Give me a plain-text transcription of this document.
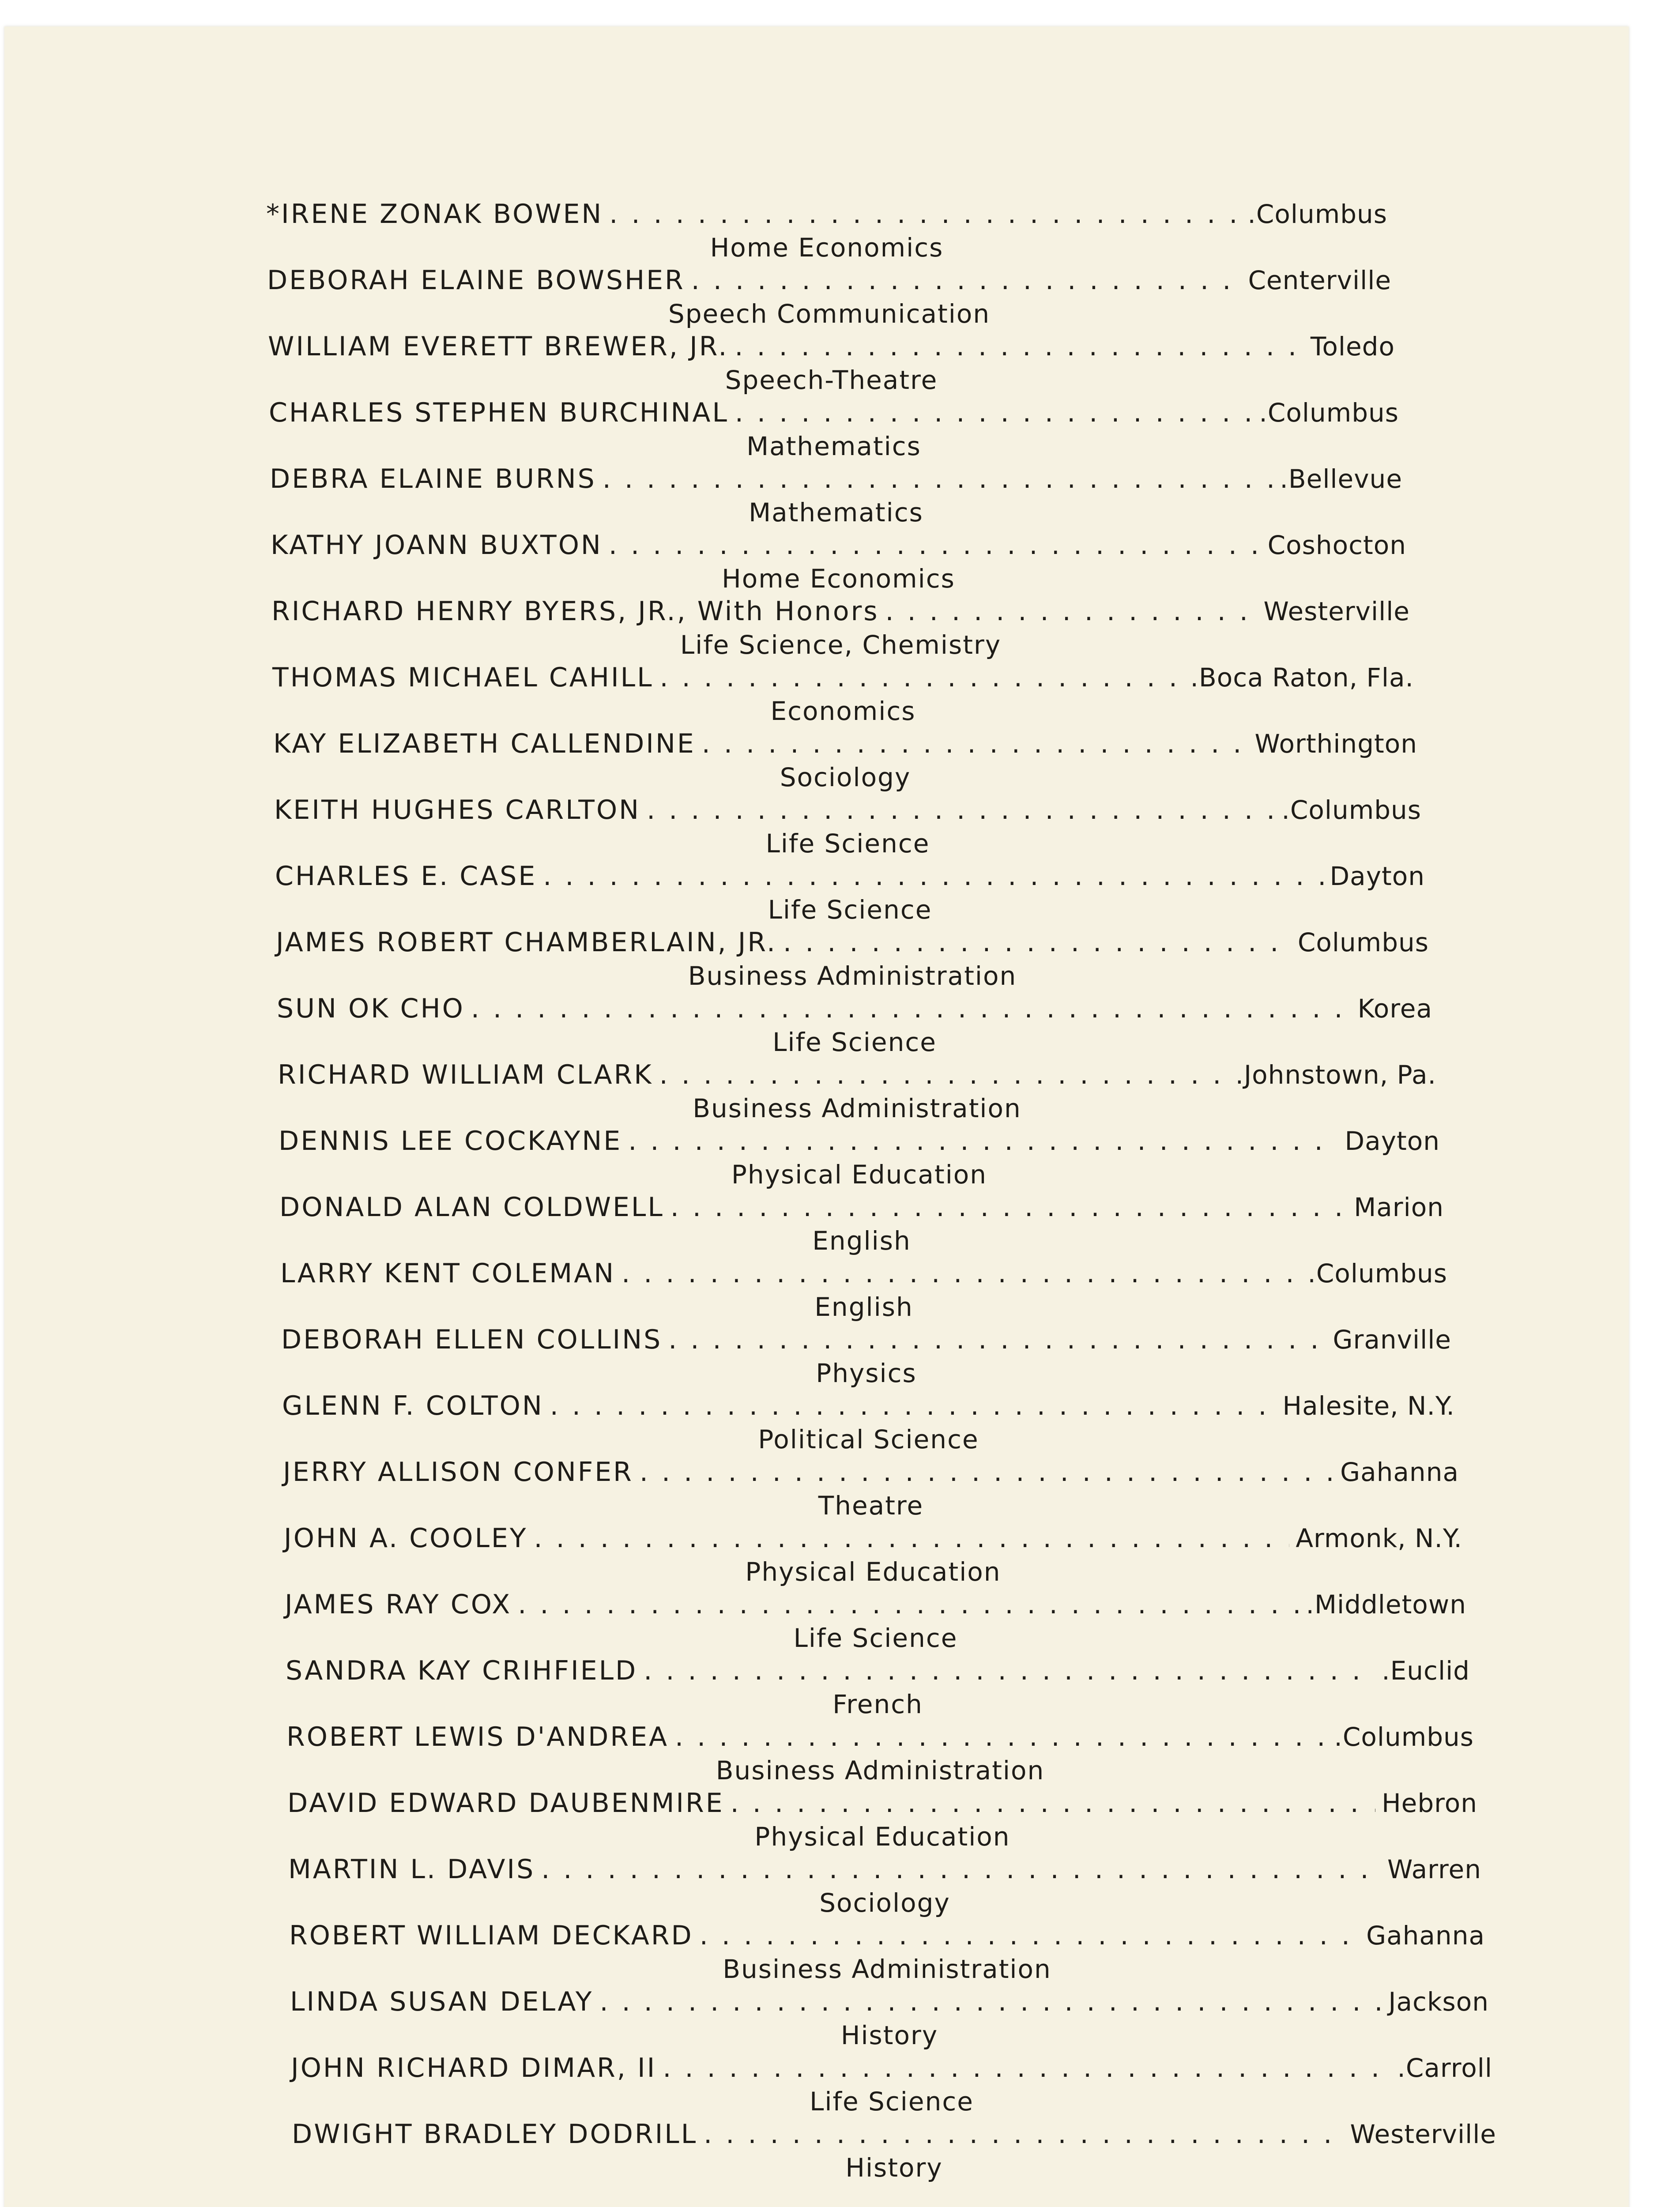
*IRENE ZONAK BOWEN . . .	.Columbus
Home Economics
DEBORAH ELAINE BOWSHER . . .	Centerville
Speech Communication
WILLIAM EVERETT BREWER, JR. . . .	Toledo
Speech-Theatre
CHARLES STEPHEN BURCHINAL . . .	.Columbus
Mathematics
DEBRA ELAINE BURNS . . .	.Bellevue
Mathematics
KATHY JOANN BUXTON . . .	Coshocton
Home Economics
RICHARD HENRY BYERS, JR., With Honors . . .	Westerville
Life Science, Chemistry
THOMAS MICHAEL CAHILL . . .	.Boca Raton, Fla.
Economics
KAY ELIZABETH CALLENDINE . . .	Worthington
Sociology
KEITH HUGHES CARLTON . . .	.Columbus
Life Science
CHARLES E. CASE . . .	Dayton
Life Science
JAMES ROBERT CHAMBERLAIN, JR. . . .	Columbus
Business Administration
SUN OK CHO . . .	Korea
Life Science
RICHARD WILLIAM CLARK . . .	.Johnstown, Pa.
Business Administration
DENNIS LEE COCKAYNE . . .	Dayton
Physical Education
DONALD ALAN COLDWELL . . .	Marion
English
LARRY KENT COLEMAN . . .	.Columbus
English
DEBORAH ELLEN COLLINS . . .	Granville
Physics
GLENN F. COLTON . . .	Halesite, N.Y.
Political Science
JERRY ALLISON CONFER . . .	Gahanna
Theatre
JOHN A. COOLEY . . .	Armonk, N.Y.
Physical Education
JAMES RAY COX . . .	.Middletown
Life Science
SANDRA KAY CRIHFIELD . . .	.Euclid
French
ROBERT LEWIS D'ANDREA . . .	.Columbus
Business Administration
DAVID EDWARD DAUBENMIRE . . .	Hebron
Physical Education
MARTIN L. DAVIS . . .	Warren
Sociology
ROBERT WILLIAM DECKARD . . .	Gahanna
Business Administration
LINDA SUSAN DELAY . . .	Jackson
History
JOHN RICHARD DIMAR, II . . .	.Carroll
Life Science
DWIGHT BRADLEY DODRILL . . .	Westerville
History
